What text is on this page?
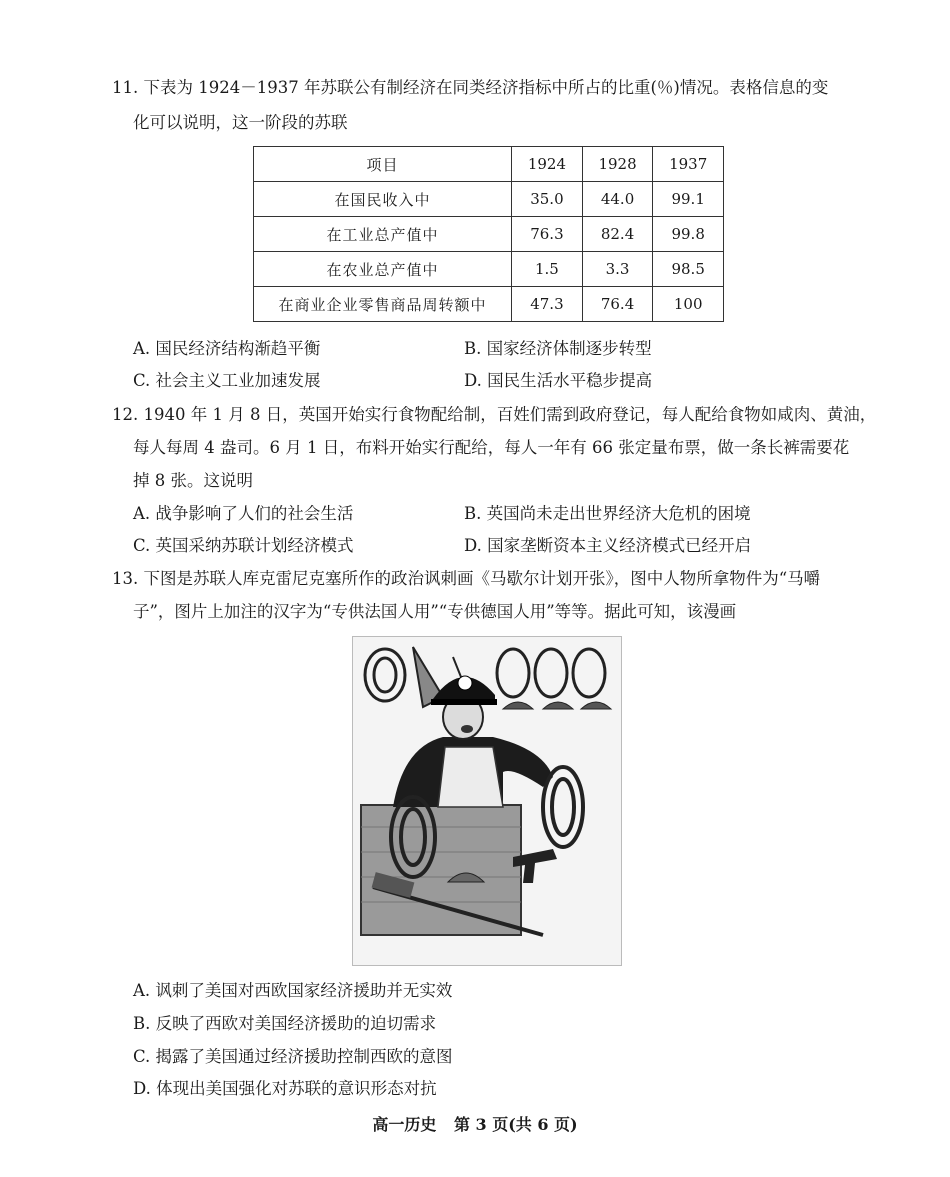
11. 下表为 1924－1937 年苏联公有制经济在同类经济指标中所占的比重(％)情况。表格信息的变
化可以说明，这一阶段的苏联
项目	1924	1928	1937
在国民收入中	35.0	44.0	99.1
在工业总产值中	76.3	82.4	99.8
在农业总产值中	1.5	3.3	98.5
在商业企业零售商品周转额中	47.3	76.4	100
A. 国民经济结构渐趋平衡	B. 国家经济体制逐步转型
C. 社会主义工业加速发展	D. 国民生活水平稳步提高
12. 1940 年 1 月 8 日，英国开始实行食物配给制，百姓们需到政府登记，每人配给食物如咸肉、黄油，
每人每周 4 盎司。6 月 1 日，布料开始实行配给，每人一年有 66 张定量布票，做一条长裤需要花
掉 8 张。这说明
A. 战争影响了人们的社会生活	B. 英国尚未走出世界经济大危机的困境
C. 英国采纳苏联计划经济模式	D. 国家垄断资本主义经济模式已经开启
13. 下图是苏联人库克雷尼克塞所作的政治讽刺画《马歇尔计划开张》，图中人物所拿物件为“马嚼
子”，图片上加注的汉字为“专供法国人用”“专供德国人用”等等。据此可知，该漫画
A. 讽刺了美国对西欧国家经济援助并无实效
B. 反映了西欧对美国经济援助的迫切需求
C. 揭露了美国通过经济援助控制西欧的意图
D. 体现出美国强化对苏联的意识形态对抗
高一历史 第 3 页(共 6 页)
